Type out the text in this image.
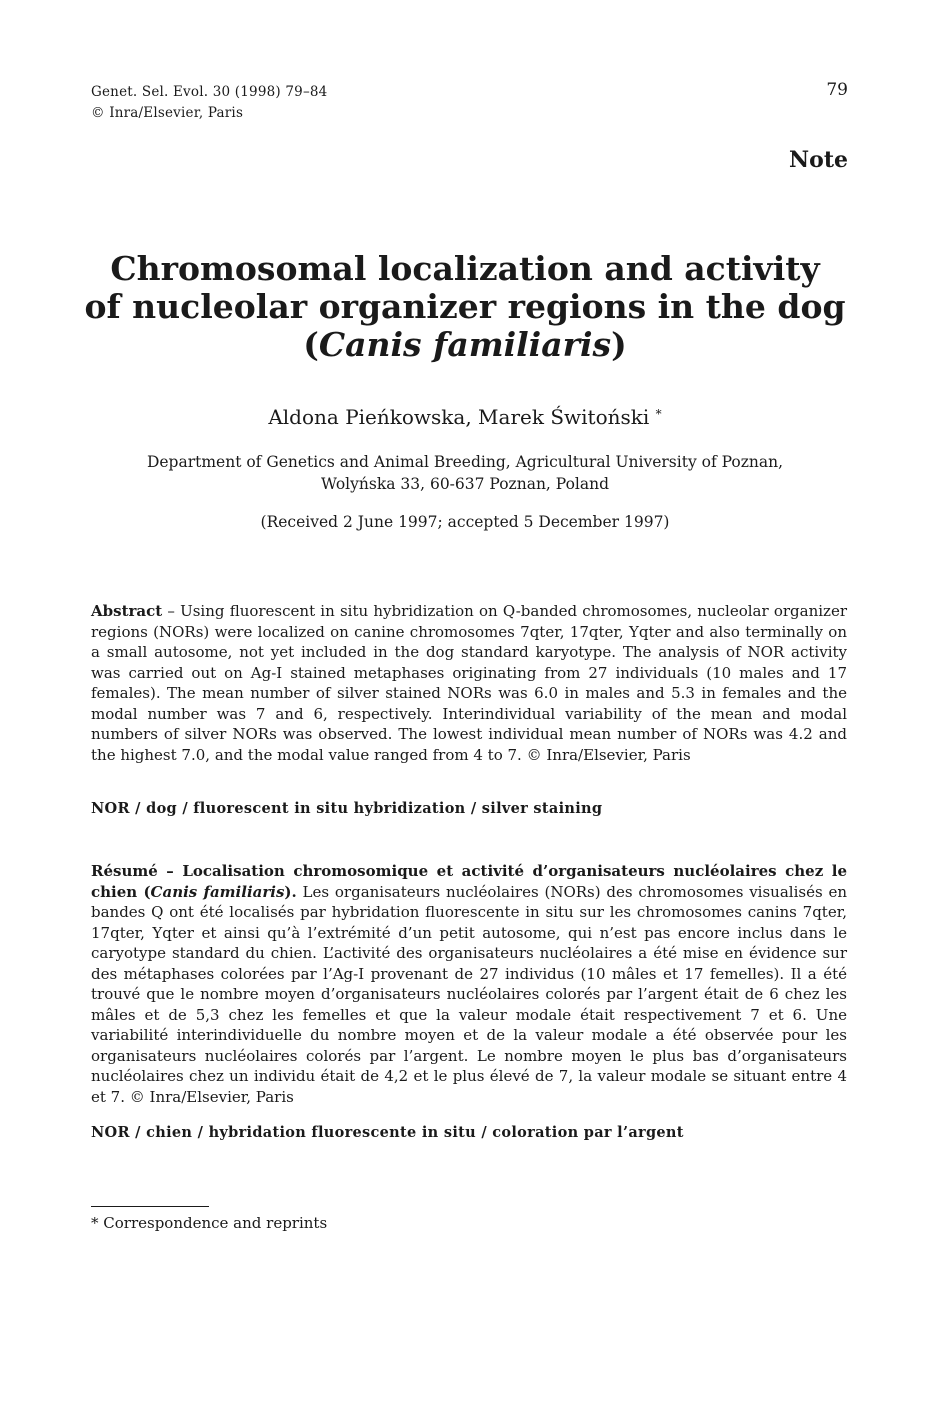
Genet. Sel. Evol. 30 (1998) 79–84
© Inra/Elsevier, Paris
79
Note
Chromosomal localization and activity
of nucleolar organizer regions in the dog
(Canis familiaris)
Aldona Pieńkowska, Marek Świtoński *
Department of Genetics and Animal Breeding, Agricultural University of Poznan,
Wolyńska 33, 60-637 Poznan, Poland
(Received 2 June 1997; accepted 5 December 1997)
Abstract – Using fluorescent in situ hybridization on Q-banded chromosomes, nucleolar organizer regions (NORs) were localized on canine chromosomes 7qter, 17qter, Yqter and also terminally on a small autosome, not yet included in the dog standard karyotype. The analysis of NOR activity was carried out on Ag-I stained metaphases originating from 27 individuals (10 males and 17 females). The mean number of silver stained NORs was 6.0 in males and 5.3 in females and the modal number was 7 and 6, respectively. Interindividual variability of the mean and modal numbers of silver NORs was observed. The lowest individual mean number of NORs was 4.2 and the highest 7.0, and the modal value ranged from 4 to 7. © Inra/Elsevier, Paris
NOR / dog / fluorescent in situ hybridization / silver staining
Résumé – Localisation chromosomique et activité d’organisateurs nucléolaires chez le chien (Canis familiaris). Les organisateurs nucléolaires (NORs) des chromosomes visualisés en bandes Q ont été localisés par hybridation fluorescente in situ sur les chromosomes canins 7qter, 17qter, Yqter et ainsi qu’à l’extrémité d’un petit autosome, qui n’est pas encore inclus dans le caryotype standard du chien. L’activité des organisateurs nucléolaires a été mise en évidence sur des métaphases colorées par l’Ag-I provenant de 27 individus (10 mâles et 17 femelles). Il a été trouvé que le nombre moyen d’organisateurs nucléolaires colorés par l’argent était de 6 chez les mâles et de 5,3 chez les femelles et que la valeur modale était respectivement 7 et 6. Une variabilité interindividuelle du nombre moyen et de la valeur modale a été observée pour les organisateurs nucléolaires colorés par l’argent. Le nombre moyen le plus bas d’organisateurs nucléolaires chez un individu était de 4,2 et le plus élevé de 7, la valeur modale se situant entre 4 et 7. © Inra/Elsevier, Paris
NOR / chien / hybridation fluorescente in situ / coloration par l’argent
* Correspondence and reprints
